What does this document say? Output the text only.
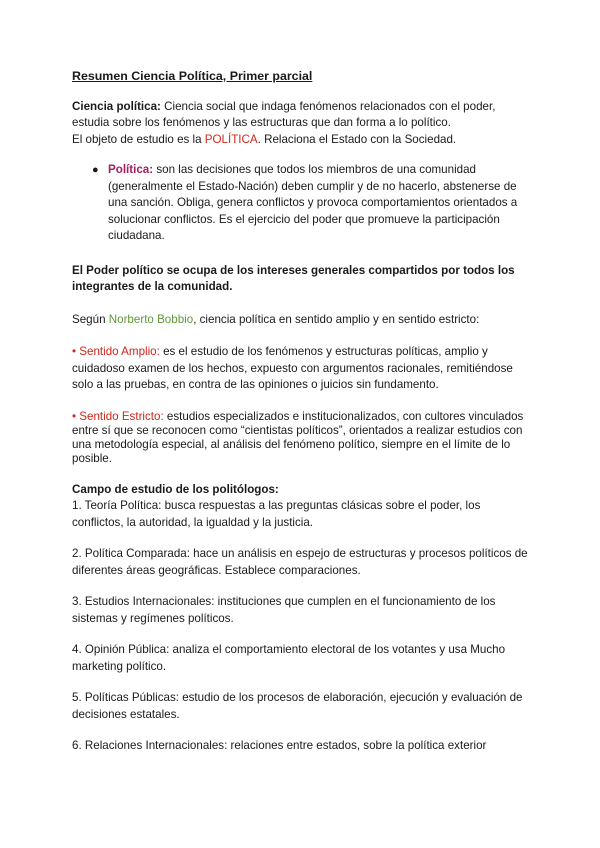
Resumen Ciencia Política, Primer parcial

Ciencia política: Ciencia social que indaga fenómenos relacionados con el poder,

estudia sobre los fenómenos y las estructuras que dan forma a lo político.

El objeto de estudio es la POLÍTICA. Relaciona el Estado con la Sociedad.

● Política: son las decisiones que todos los miembros de una comunidad (generalmente el Estado-Nación) deben cumplir y de no hacerlo, abstenerse de una sanción. Obliga, genera conflictos y provoca comportamientos orientados a solucionar conflictos. Es el ejercicio del poder que promueve la participación ciudadana.

El Poder político se ocupa de los intereses generales compartidos por todos los

integrantes de la comunidad.

Según Norberto Bobbio, ciencia política en sentido amplio y en sentido estricto:

• Sentido Amplio: es el estudio de los fenómenos y estructuras políticas, amplio y cuidadoso examen de los hechos, expuesto con argumentos racionales, remitiéndose solo a las pruebas, en contra de las opiniones o juicios sin fundamento.

• Sentido Estricto: estudios especializados e institucionalizados, con cultores vinculados entre sí que se reconocen como “cientistas políticos”, orientados a realizar estudios con una metodología especial, al análisis del fenómeno político, siempre en el límite de lo posible.

Campo de estudio de los politólogos:

1. Teoría Política: busca respuestas a las preguntas clásicas sobre el poder, los conflictos, la autoridad, la igualdad y la justicia.

2. Política Comparada: hace un análisis en espejo de estructuras y procesos políticos de diferentes áreas geográficas. Establece comparaciones.

3. Estudios Internacionales: instituciones que cumplen en el funcionamiento de los sistemas y regímenes políticos.

4. Opinión Pública: analiza el comportamiento electoral de los votantes y usa Mucho marketing político.

5. Políticas Públicas: estudio de los procesos de elaboración, ejecución y evaluación de decisiones estatales.

6. Relaciones Internacionales: relaciones entre estados, sobre la política exterior
